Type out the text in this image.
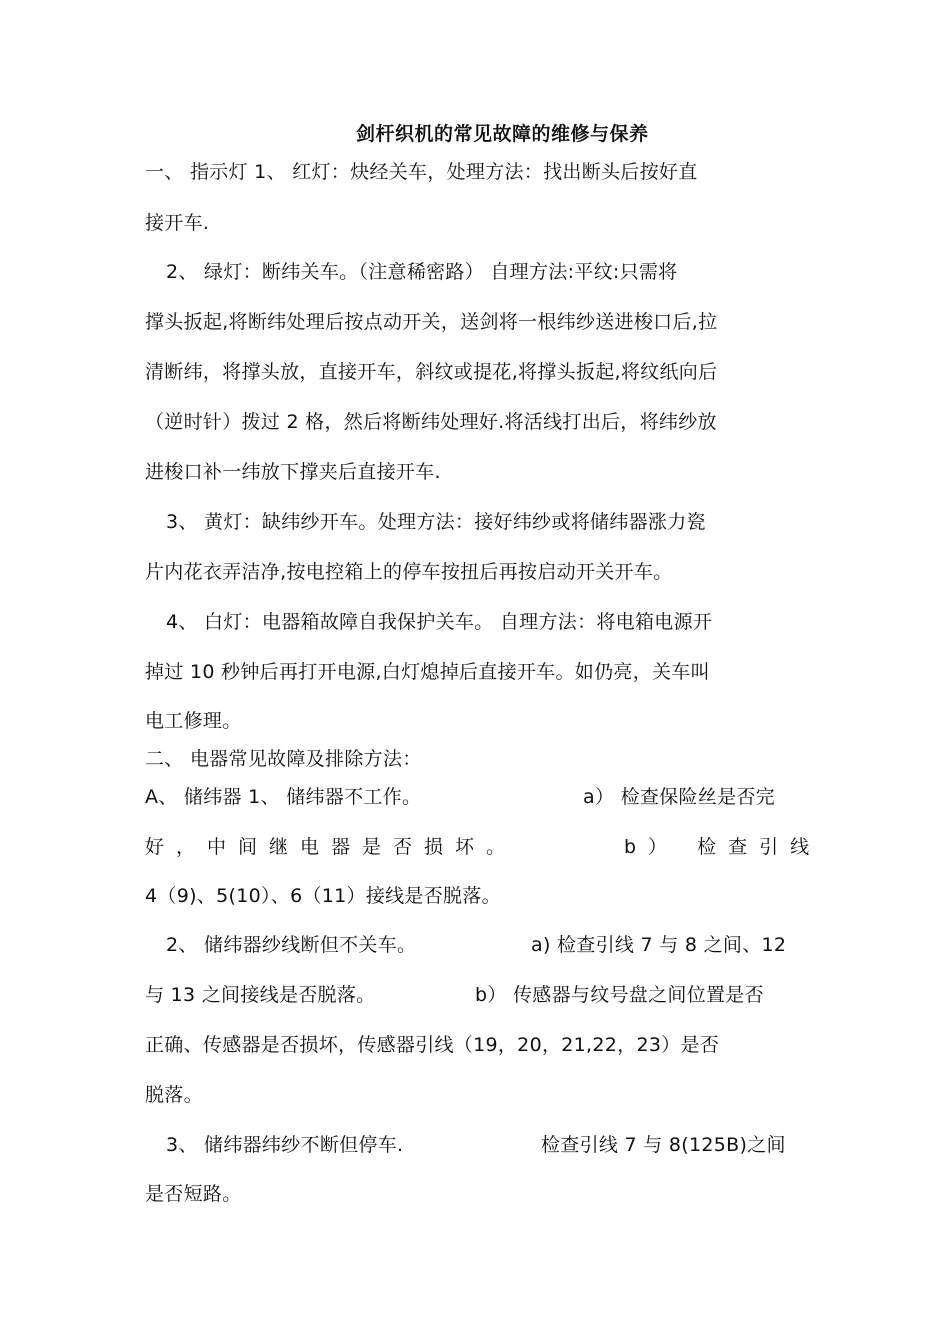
剑杆织机的常见故障的维修与保养
一、 指示灯 1、 红灯：炔经关车，处理方法：找出断头后按好直
接开车.
2、 绿灯：断纬关车。（注意稀密路） 自理方法:平纹:只需将
撑头扳起,将断纬处理后按点动开关，送剑将一根纬纱送进梭口后,拉
清断纬，将撑头放，直接开车，斜纹或提花,将撑头扳起,将纹纸向后
（逆时针）拨过 2 格，然后将断纬处理好.将活线打出后，将纬纱放
进梭口补一纬放下撑夹后直接开车.
3、 黄灯：缺纬纱开车。处理方法：接好纬纱或将储纬器涨力瓷
片内花衣弄洁净,按电控箱上的停车按扭后再按启动开关开车。
4、 白灯：电器箱故障自我保护关车。 自理方法：将电箱电源开
掉过 10 秒钟后再打开电源,白灯熄掉后直接开车。如仍亮，关车叫
电工修理。
二、 电器常见故障及排除方法：
A、 储纬器 1、 储纬器不工作。	a） 检查保险丝是否完
好，中间继电器是否损坏。	b） 检查引线
4（9)、5(10）、6（11）接线是否脱落。
2、 储纬器纱线断但不关车。	a) 检查引线 7 与 8 之间、12
与 13 之间接线是否脱落。	b） 传感器与纹号盘之间位置是否
正确、传感器是否损坏，传感器引线（19，20，21,22，23）是否
脱落。
3、 储纬器纬纱不断但停车.	检查引线 7 与 8(125B)之间
是否短路。
